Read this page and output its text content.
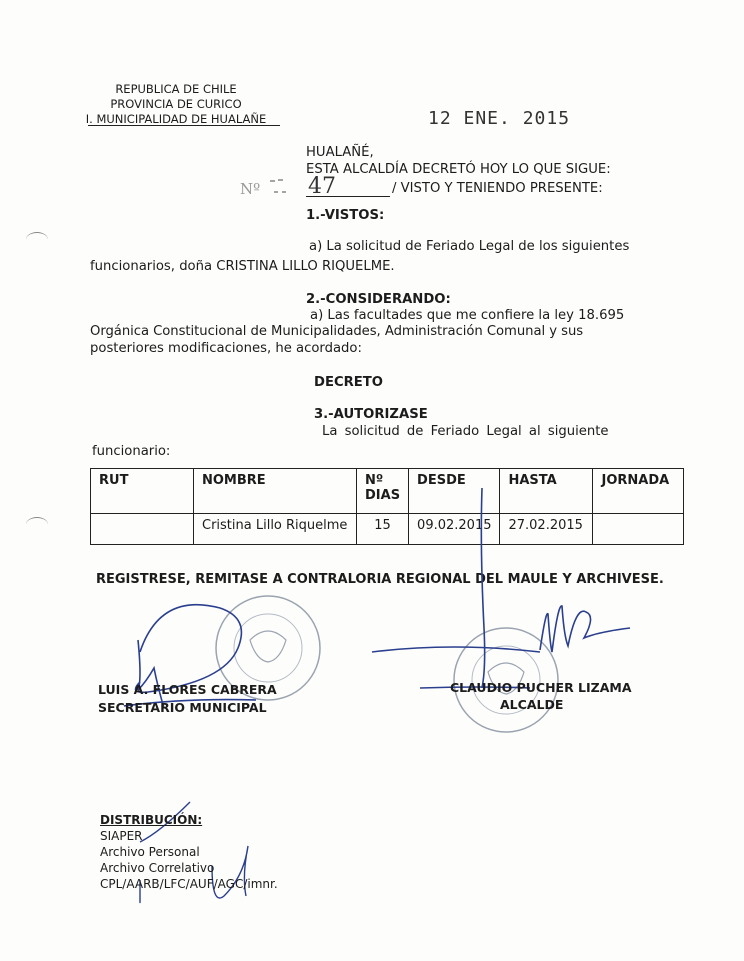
REPUBLICA DE CHILE
PROVINCIA DE CURICO
I. MUNICIPALIDAD DE HUALAÑE	12 ENE. 2015
HUALAÑÉ,
ESTA ALCALDÍA DECRETÓ HOY LO QUE SIGUE:
Nº 47	/ VISTO Y TENIENDO PRESENTE:
1.-VISTOS:
a) La solicitud de Feriado Legal de los siguientes
funcionarios, doña CRISTINA LILLO RIQUELME.
2.-CONSIDERANDO:
a) Las facultades que me confiere la ley 18.695
Orgánica Constitucional de Municipalidades, Administración Comunal y sus
posteriores modificaciones, he acordado:
DECRETO
3.-AUTORIZASE
La solicitud de Feriado Legal al siguiente
funcionario:
RUT	NOMBRE	Nº DIAS	DESDE	HASTA	JORNADA
	Cristina Lillo Riquelme	15	09.02.2015	27.02.2015	
REGISTRESE, REMITASE A CONTRALORIA REGIONAL DEL MAULE Y ARCHIVESE.
LUIS A. FLORES CABRERA
SECRETARIO MUNICIPAL
CLAUDIO PUCHER LIZAMA
ALCALDE
DISTRIBUCIÓN:
SIAPER
Archivo Personal
Archivo Correlativo
CPL/AARB/LFC/AUF/AGC/imnr.
